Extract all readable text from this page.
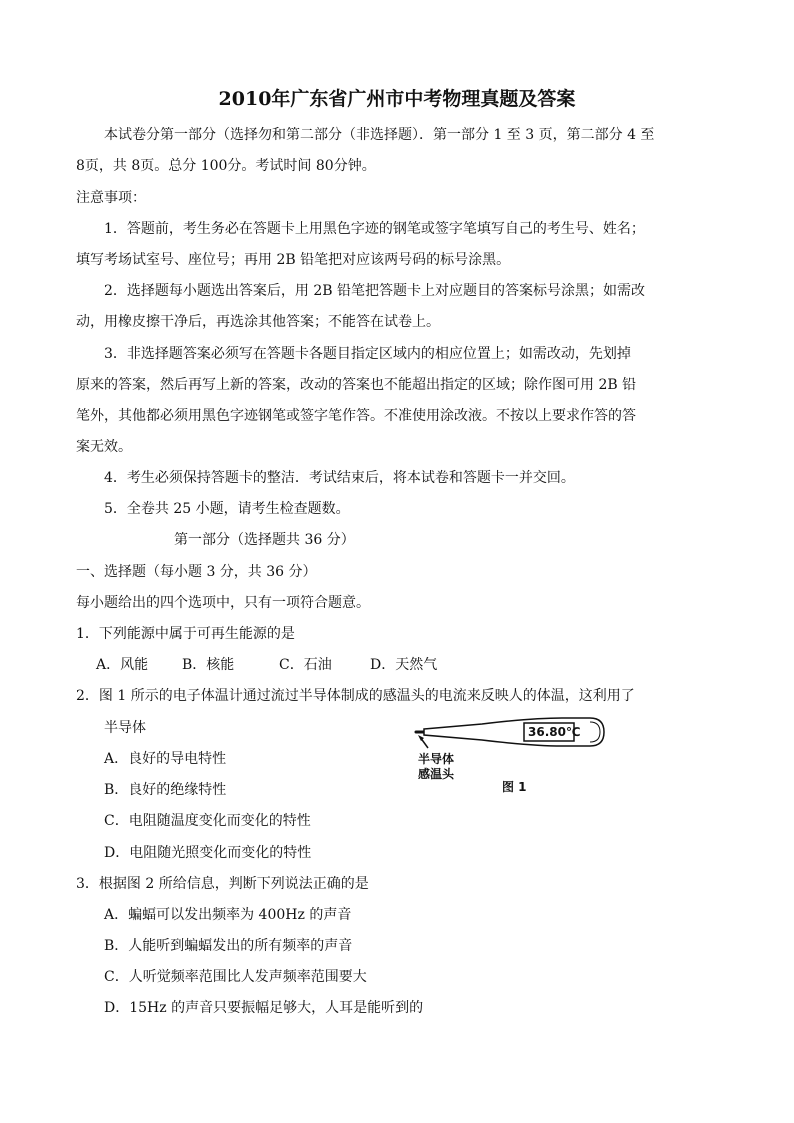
2010年广东省广州市中考物理真题及答案
本试卷分第一部分（选择勿和第二部分（非选择题）．第一部分 1 至 3 页，第二部分 4 至
8页，共 8页。总分 100分。考试时间 80分钟。
注意事项：
1．答题前，考生务必在答题卡上用黑色字迹的钢笔或签字笔填写自己的考生号、姓名；
填写考场试室号、座位号；再用 2B 铅笔把对应该两号码的标号涂黑。
2．选择题每小题选出答案后，用 2B 铅笔把答题卡上对应题目的答案标号涂黑；如需改
动，用橡皮擦干净后，再选涂其他答案；不能答在试卷上。
3．非选择题答案必须写在答题卡各题目指定区域内的相应位置上；如需改动，先划掉
原来的答案，然后再写上新的答案，改动的答案也不能超出指定的区域；除作图可用 2B 铅
笔外，其他都必须用黑色字迹钢笔或签字笔作答。不准使用涂改液。不按以上要求作答的答
案无效。
4．考生必须保持答题卡的整洁．考试结束后，将本试卷和答题卡一并交回。
5．全卷共 25 小题，请考生检查题数。
第一部分（选择题共 36 分）
一、选择题（每小题 3 分，共 36 分）
每小题给出的四个选项中，只有一项符合题意。
1．下列能源中属于可再生能源的是
A．风能 B．核能	C．石油	D．天然气
2．图 1 所示的电子体温计通过流过半导体制成的感温头的电流来反映人的体温，这利用了
半导体
A．良好的导电特性
B．良好的绝缘特性
C．电阻随温度变化而变化的特性
D．电阻随光照变化而变化的特性
36.80℃
半导体
感温头
图 1
3．根据图 2 所给信息，判断下列说法正确的是
A．蝙蝠可以发出频率为 400Hz 的声音
B．人能听到蝙蝠发出的所有频率的声音
C．人听觉频率范围比人发声频率范围要大
D．15Hz 的声音只要振幅足够大，人耳是能听到的
